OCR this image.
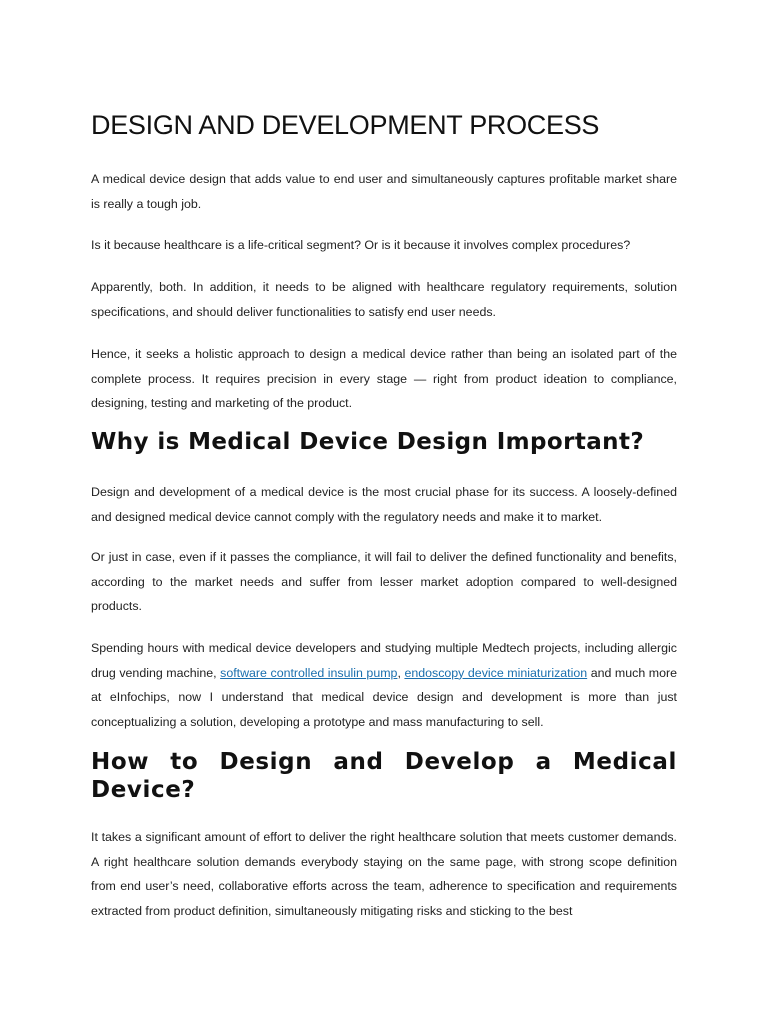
DESIGN AND DEVELOPMENT PROCESS

A medical device design that adds value to end user and simultaneously captures profitable market share is really a tough job.

Is it because healthcare is a life-critical segment? Or is it because it involves complex procedures?

Apparently, both. In addition, it needs to be aligned with healthcare regulatory requirements, solution specifications, and should deliver functionalities to satisfy end user needs.

Hence, it seeks a holistic approach to design a medical device rather than being an isolated part of the complete process. It requires precision in every stage — right from product ideation to compliance, designing, testing and marketing of the product.

Why is Medical Device Design Important?

Design and development of a medical device is the most crucial phase for its success. A loosely-defined and designed medical device cannot comply with the regulatory needs and make it to market.

Or just in case, even if it passes the compliance, it will fail to deliver the defined functionality and benefits, according to the market needs and suffer from lesser market adoption compared to well-designed products.

Spending hours with medical device developers and studying multiple Medtech projects, including allergic drug vending machine, software controlled insulin pump, endoscopy device miniaturization and much more at eInfochips, now I understand that medical device design and development is more than just conceptualizing a solution, developing a prototype and mass manufacturing to sell.

How to Design and Develop a Medical Device?

It takes a significant amount of effort to deliver the right healthcare solution that meets customer demands. A right healthcare solution demands everybody staying on the same page, with strong scope definition from end user’s need, collaborative efforts across the team, adherence to specification and requirements extracted from product definition, simultaneously mitigating risks and sticking to the best
